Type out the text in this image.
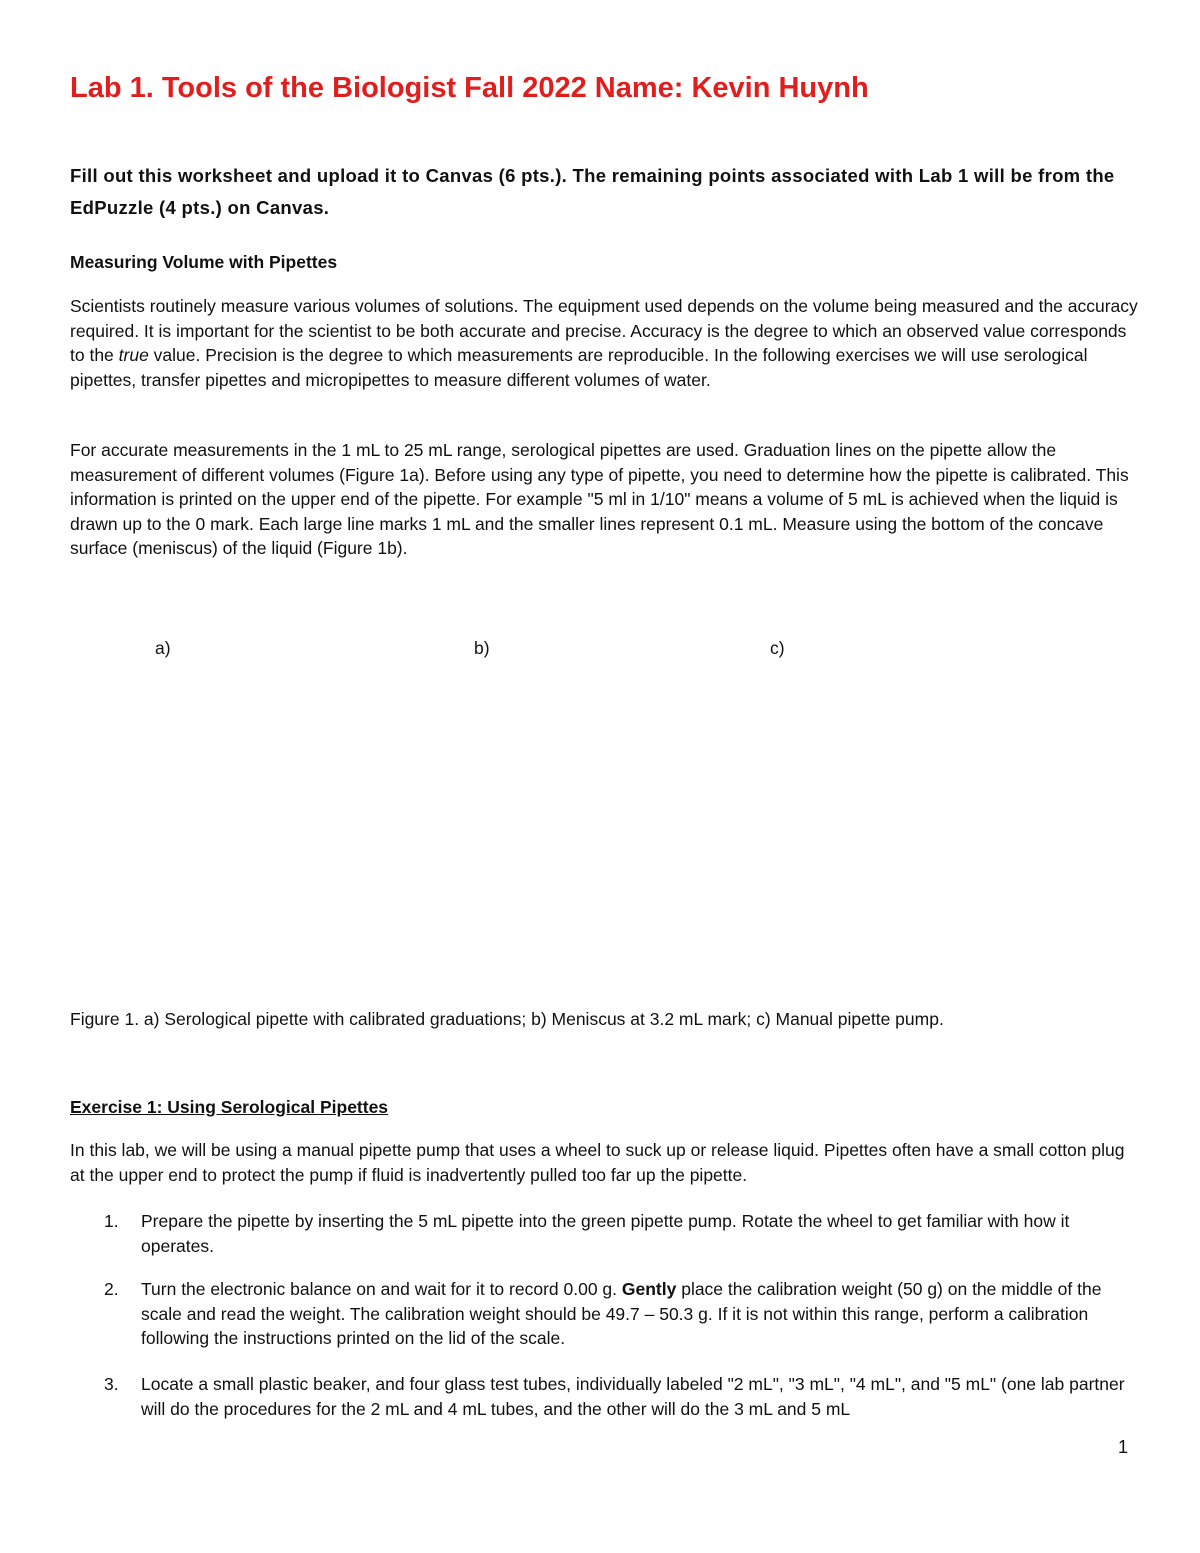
Lab 1. Tools of the Biologist Fall 2022 Name: Kevin Huynh
Fill out this worksheet and upload it to Canvas (6 pts.). The remaining points associated with Lab 1 will be from the EdPuzzle (4 pts.) on Canvas.
Measuring Volume with Pipettes

Scientists routinely measure various volumes of solutions. The equipment used depends on the volume being measured and the accuracy required. It is important for the scientist to be both accurate and precise. Accuracy is the degree to which an observed value corresponds to the true value. Precision is the degree to which measurements are reproducible. In the following exercises we will use serological pipettes, transfer pipettes and micropipettes to measure different volumes of water.

For accurate measurements in the 1 mL to 25 mL range, serological pipettes are used. Graduation lines on the pipette allow the measurement of different volumes (Figure 1a). Before using any type of pipette, you need to determine how the pipette is calibrated. This information is printed on the upper end of the pipette. For example "5 ml in 1/10" means a volume of 5 mL is achieved when the liquid is drawn up to the 0 mark. Each large line marks 1 mL and the smaller lines represent 0.1 mL. Measure using the bottom of the concave surface (meniscus) of the liquid (Figure 1b).

a)	b)	c)
Figure 1. a) Serological pipette with calibrated graduations; b) Meniscus at 3.2 mL mark; c) Manual pipette pump.
Exercise 1: Using Serological Pipettes

In this lab, we will be using a manual pipette pump that uses a wheel to suck up or release liquid. Pipettes often have a small cotton plug at the upper end to protect the pump if fluid is inadvertently pulled too far up the pipette.

1. Prepare the pipette by inserting the 5 mL pipette into the green pipette pump. Rotate the wheel to get familiar with how it operates.
2. Turn the electronic balance on and wait for it to record 0.00 g. Gently place the calibration weight (50 g) on the middle of the scale and read the weight. The calibration weight should be 49.7 – 50.3 g. If it is not within this range, perform a calibration following the instructions printed on the lid of the scale.
3. Locate a small plastic beaker, and four glass test tubes, individually labeled "2 mL", "3 mL", "4 mL", and "5 mL" (one lab partner will do the procedures for the 2 mL and 4 mL tubes, and the other will do the 3 mL and 5 mL
1
